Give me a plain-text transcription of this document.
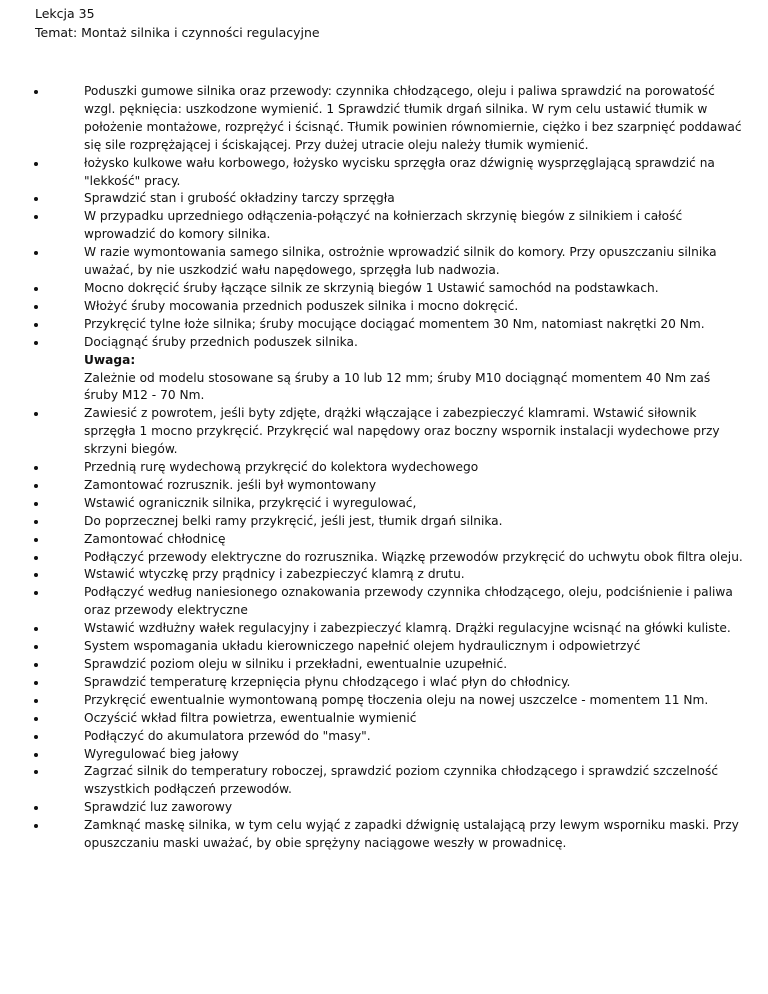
Lekcja 35
Temat: Montaż silnika i czynności regulacyjne
Poduszki gumowe silnika oraz przewody: czynnika chłodzącego, oleju i paliwa sprawdzić na porowatość wzgl. pęknięcia: uszkodzone wymienić. 1 Sprawdzić tłumik drgań silnika. W rym celu ustawić tłumik w położenie montażowe, rozprężyć i ścisnąć. Tłumik powinien równomiernie, ciężko i bez szarpnięć poddawać się sile rozprężającej i ściskającej. Przy dużej utracie oleju należy tłumik wymienić.
łożysko kulkowe wału korbowego, łożysko wycisku sprzęgła oraz dźwignię wysprzęglającą sprawdzić na "lekkość" pracy.
Sprawdzić stan i grubość okładziny tarczy sprzęgła
W przypadku uprzedniego odłączenia-połączyć na kołnierzach skrzynię biegów z silnikiem i całość wprowadzić do komory silnika.
W razie wymontowania samego silnika, ostrożnie wprowadzić silnik do komory. Przy opuszczaniu silnika uważać, by nie uszkodzić wału napędowego, sprzęgła lub nadwozia.
Mocno dokręcić śruby łączące silnik ze skrzynią biegów 1 Ustawić samochód na podstawkach.
Włożyć śruby mocowania przednich poduszek silnika i mocno dokręcić.
Przykręcić tylne łoże silnika; śruby mocujące dociągać momentem 30 Nm, natomiast nakrętki 20 Nm.
Dociągnąć śruby przednich poduszek silnika.
Uwaga:
Zależnie od modelu stosowane są śruby a 10 lub 12 mm; śruby M10 dociągnąć momentem 40 Nm zaś śruby M12 - 70 Nm.
Zawiesić z powrotem, jeśli byty zdjęte, drążki włączające i zabezpieczyć klamrami. Wstawić siłownik sprzęgła 1 mocno przykręcić. Przykręcić wal napędowy oraz boczny wspornik instalacji wydechowe przy skrzyni biegów.
Przednią rurę wydechową przykręcić do kolektora wydechowego
Zamontować rozrusznik. jeśli był wymontowany
Wstawić ogranicznik silnika, przykręcić i wyregulować,
Do poprzecznej belki ramy przykręcić, jeśli jest, tłumik drgań silnika.
Zamontować chłodnicę
Podłączyć przewody elektryczne do rozrusznika. Wiązkę przewodów przykręcić do uchwytu obok filtra oleju.
Wstawić wtyczkę przy prądnicy i zabezpieczyć klamrą z drutu.
Podłączyć według naniesionego oznakowania przewody czynnika chłodzącego, oleju, podciśnienie i paliwa oraz przewody elektryczne
Wstawić wzdłużny wałek regulacyjny i zabezpieczyć klamrą. Drążki regulacyjne wcisnąć na główki kuliste.
System wspomagania układu kierowniczego napełnić olejem hydraulicznym i odpowietrzyć
Sprawdzić poziom oleju w silniku i przekładni, ewentualnie uzupełnić.
Sprawdzić temperaturę krzepnięcia płynu chłodzącego i wlać płyn do chłodnicy.
Przykręcić ewentualnie wymontowaną pompę tłoczenia oleju na nowej uszczelce - momentem 11 Nm.
Oczyścić wkład filtra powietrza, ewentualnie wymienić
Podłączyć do akumulatora przewód do "masy".
Wyregulować bieg jałowy
Zagrzać silnik do temperatury roboczej, sprawdzić poziom czynnika chłodzącego i sprawdzić szczelność wszystkich podłączeń przewodów.
Sprawdzić luz zaworowy
Zamknąć maskę silnika, w tym celu wyjąć z zapadki dźwignię ustalającą przy lewym wsporniku maski. Przy opuszczaniu maski uważać, by obie sprężyny naciągowe weszły w prowadnicę.
